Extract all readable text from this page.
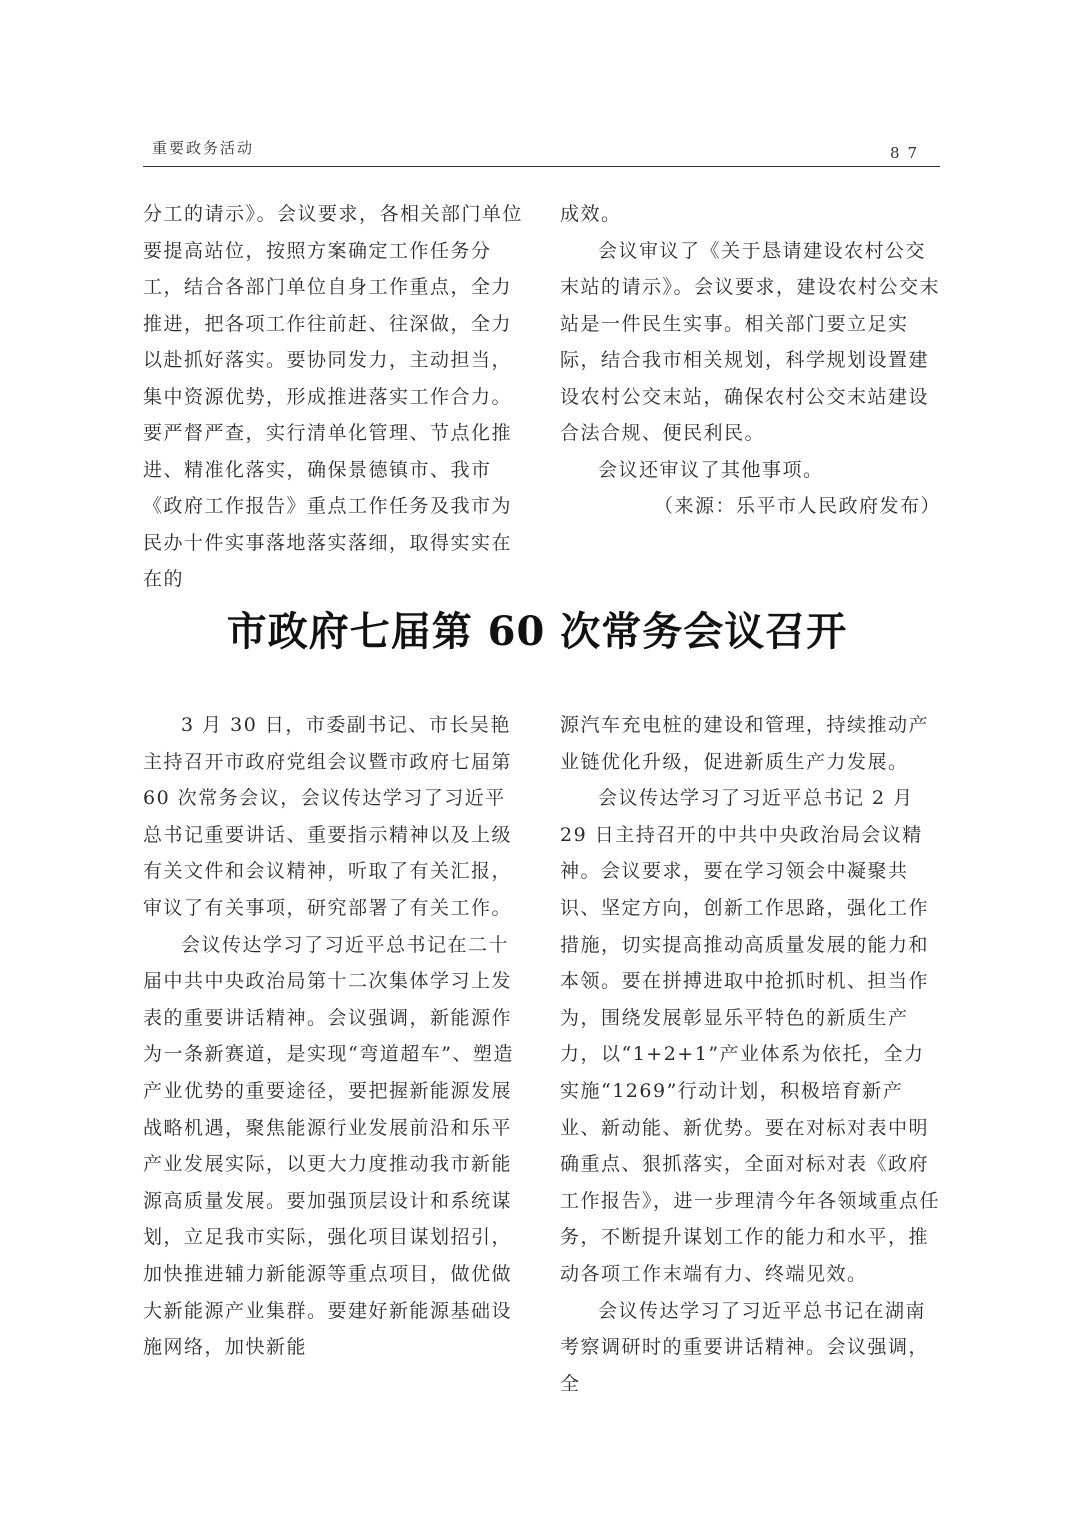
重要政务活动	87

分工的请示》。会议要求，各相关部门单位要提高站位，按照方案确定工作任务分工，结合各部门单位自身工作重点，全力推进，把各项工作往前赶、往深做，全力以赴抓好落实。要协同发力，主动担当，集中资源优势，形成推进落实工作合力。要严督严查，实行清单化管理、节点化推进、精准化落实，确保景德镇市、我市《政府工作报告》重点工作任务及我市为民办十件实事落地落实落细，取得实实在在的

成效。

会议审议了《关于恳请建设农村公交末站的请示》。会议要求，建设农村公交末站是一件民生实事。相关部门要立足实际，结合我市相关规划，科学规划设置建设农村公交末站，确保农村公交末站建设合法合规、便民利民。

会议还审议了其他事项。

（来源：乐平市人民政府发布）

市政府七届第 60 次常务会议召开

3 月 30 日，市委副书记、市长吴艳主持召开市政府党组会议暨市政府七届第 60 次常务会议，会议传达学习了习近平总书记重要讲话、重要指示精神以及上级有关文件和会议精神，听取了有关汇报，审议了有关事项，研究部署了有关工作。

会议传达学习了习近平总书记在二十届中共中央政治局第十二次集体学习上发表的重要讲话精神。会议强调，新能源作为一条新赛道，是实现“弯道超车”、塑造产业优势的重要途径，要把握新能源发展战略机遇，聚焦能源行业发展前沿和乐平产业发展实际，以更大力度推动我市新能源高质量发展。要加强顶层设计和系统谋划，立足我市实际，强化项目谋划招引，加快推进辅力新能源等重点项目，做优做大新能源产业集群。要建好新能源基础设施网络，加快新能

源汽车充电桩的建设和管理，持续推动产业链优化升级，促进新质生产力发展。

会议传达学习了习近平总书记 2 月 29 日主持召开的中共中央政治局会议精神。会议要求，要在学习领会中凝聚共识、坚定方向，创新工作思路，强化工作措施，切实提高推动高质量发展的能力和本领。要在拼搏进取中抢抓时机、担当作为，围绕发展彰显乐平特色的新质生产力，以“1+2+1”产业体系为依托，全力实施“1269”行动计划，积极培育新产业、新动能、新优势。要在对标对表中明确重点、狠抓落实，全面对标对表《政府工作报告》，进一步理清今年各领域重点任务，不断提升谋划工作的能力和水平，推动各项工作末端有力、终端见效。

会议传达学习了习近平总书记在湖南考察调研时的重要讲话精神。会议强调，全
